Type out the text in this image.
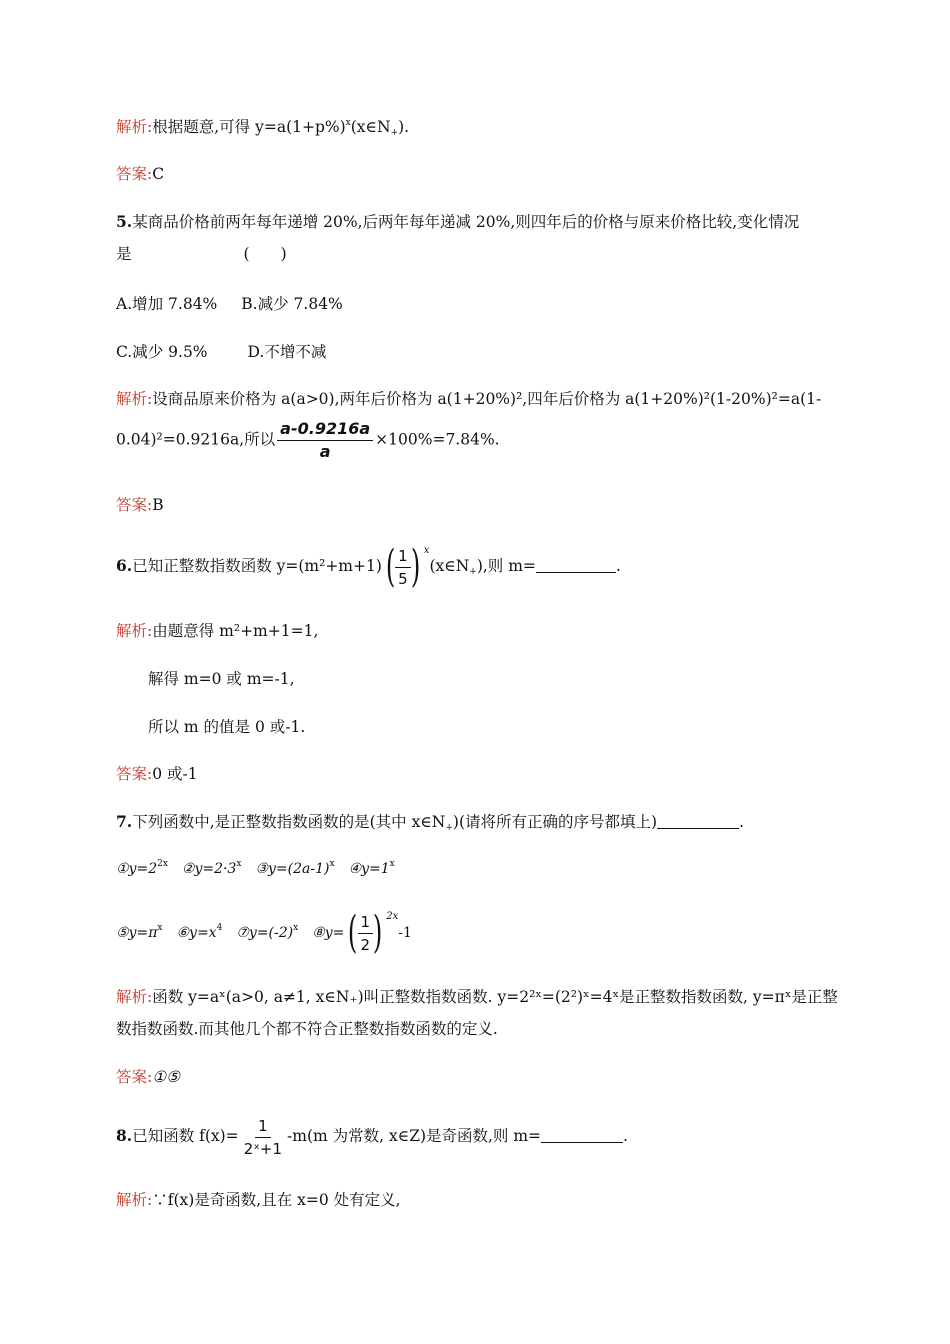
解析:根据题意,可得 $y=a(1+p\%)^x(x\in N_+)$.
答案:C
5.某商品价格前两年每年递增 20%,后两年每年递减 20%,则四年后的价格与原来价格比较,变化情况
是	(　　)
A.增加 7.84% B.减少 7.84%
C.减少 9.5%	D.不增不减
解析:设商品原来价格为 a(a>0),两年后价格为 a(1+20%)²,四年后价格为 a(1+20%)²(1-20%)²=a(1-
0.04)²=0.9216a,所以 $\frac{a-0.9216a}{a} \times 100\%=7.84\%$.
答案:B
6.已知正整数指数函数 y=(m²+m+1) ( $\frac{1}{5}$ ) x
$(x\in N_+)$,则 m=	.
解析:由题意得 m²+m+1=1,
解得 m=0 或 m=-1,
所以 m 的值是 0 或-1.
答案:0 或-1
7.下列函数中,是正整数指数函数的是(其中 $x\in N_+$)(请将所有正确的序号都填上)	.
$①y=2^{2x}$ $②y=2\cdot 3^x$ $③y=(2a-1)^x$ $④y=1^x$
$⑤y=\pi^x$ $⑥y=x^4$ $⑦y=(-2)^x$ ⑧y= ( $\frac{1}{2}$ ) 2x
-1
解析:函数 y=aˣ(a>0, a≠1, x∈N₊)叫正整数指数函数. y=2²ˣ=(2²)ˣ=4ˣ是正整数指数函数, y=πˣ是正整
数指数函数.而其他几个都不符合正整数指数函数的定义.
答案:①⑤
8.已知函数 $f(x)= \frac{1}{\text{2ˣ+1}} -m(m$ 为常数, x∈Z)是奇函数,则 m=	.
解析:∵f(x)是奇函数,且在 x=0 处有定义,
